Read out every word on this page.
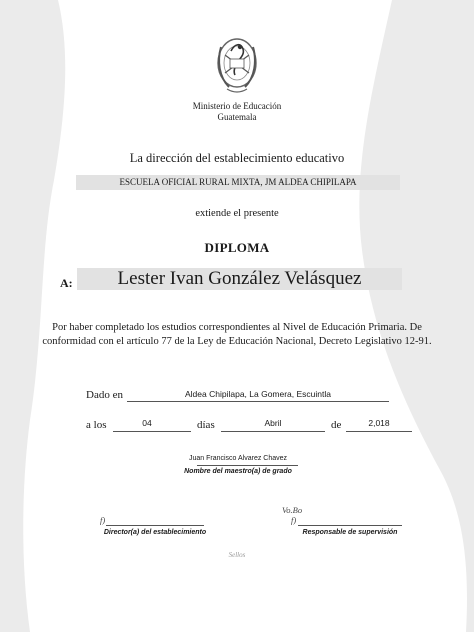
Ministerio de Educación
Guatemala
La dirección del establecimiento educativo
ESCUELA OFICIAL RURAL MIXTA, JM ALDEA CHIPILAPA
extiende el presente
DIPLOMA
A:	Lester Ivan González Velásquez
Por haber completado los estudios correspondientes al Nivel de Educación Primaria. De conformidad con el artículo 77 de la Ley de Educación Nacional, Decreto Legislativo 12-91.
Dado en	Aldea Chipilapa, La Gomera, Escuintla
a los	04	días	Abril	de	2,018
Juan Francisco Alvarez Chavez
Nombre del maestro(a) de grado
f)
Director(a) del establecimiento
Vo.Bo
f)
Responsable de supervisión
Sellos
